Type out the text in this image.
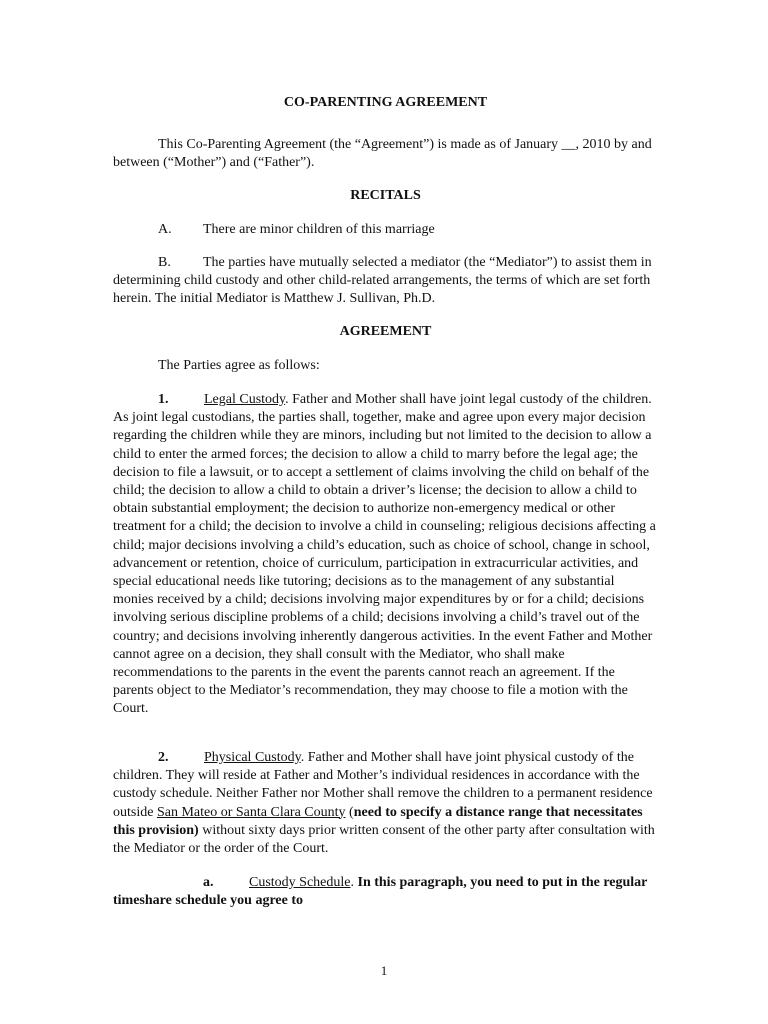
CO-PARENTING AGREEMENT

This Co-Parenting Agreement (the “Agreement”) is made as of January __, 2010 by and between (“Mother”) and (“Father”).

RECITALS

A. There are minor children of this marriage

B. The parties have mutually selected a mediator (the “Mediator”) to assist them in determining child custody and other child-related arrangements, the terms of which are set forth herein. The initial Mediator is Matthew J. Sullivan, Ph.D.

AGREEMENT

The Parties agree as follows:

1.	Legal Custody. Father and Mother shall have joint legal custody of the children. As joint legal custodians, the parties shall, together, make and agree upon every major decision regarding the children while they are minors, including but not limited to the decision to allow a child to enter the armed forces; the decision to allow a child to marry before the legal age; the decision to file a lawsuit, or to accept a settlement of claims involving the child on behalf of the child; the decision to allow a child to obtain a driver’s license; the decision to allow a child to obtain substantial employment; the decision to authorize non-emergency medical or other treatment for a child; the decision to involve a child in counseling; religious decisions affecting a child; major decisions involving a child’s education, such as choice of school, change in school, advancement or retention, choice of curriculum, participation in extracurricular activities, and special educational needs like tutoring; decisions as to the management of any substantial monies received by a child; decisions involving major expenditures by or for a child; decisions involving serious discipline problems of a child; decisions involving a child’s travel out of the country; and decisions involving inherently dangerous activities. In the event Father and Mother cannot agree on a decision, they shall consult with the Mediator, who shall make recommendations to the parents in the event the parents cannot reach an agreement. If the parents object to the Mediator’s recommendation, they may choose to file a motion with the Court.

2.	Physical Custody. Father and Mother shall have joint physical custody of the children. They will reside at Father and Mother’s individual residences in accordance with the custody schedule. Neither Father nor Mother shall remove the children to a permanent residence outside San Mateo or Santa Clara County (need to specify a distance range that necessitates this provision) without sixty days prior written consent of the other party after consultation with the Mediator or the order of the Court.

a.	Custody Schedule. In this paragraph, you need to put in the regular timeshare schedule you agree to

1
